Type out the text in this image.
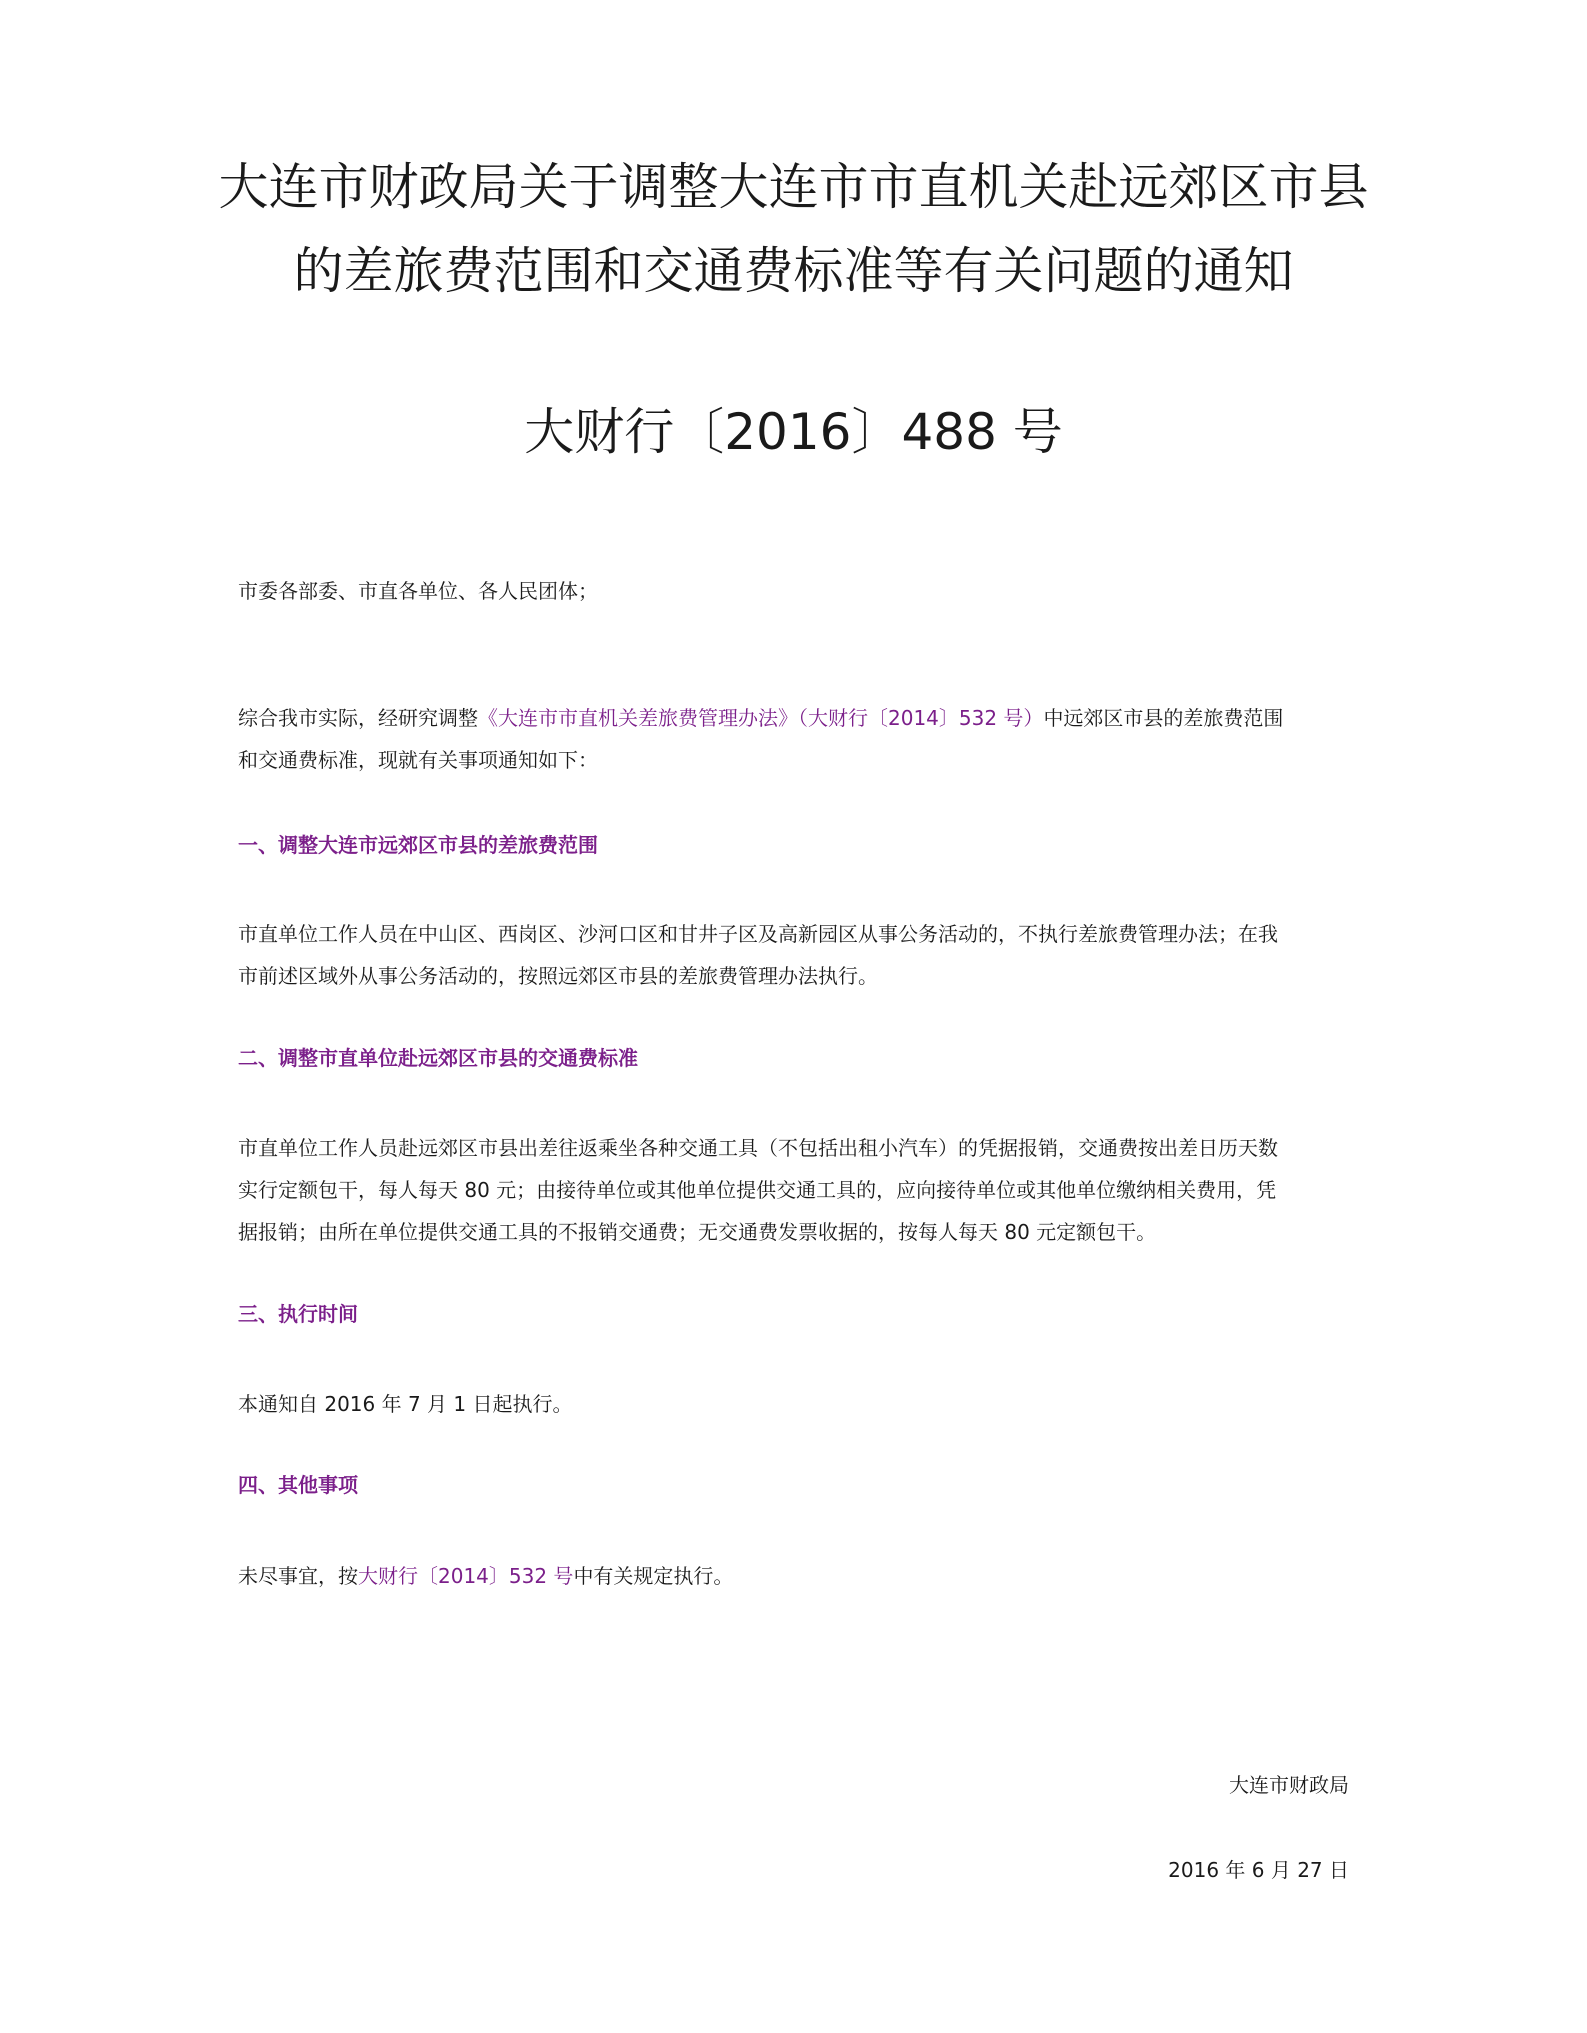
大连市财政局关于调整大连市市直机关赴远郊区市县
的差旅费范围和交通费标准等有关问题的通知
大财行〔2016〕488 号

市委各部委、市直各单位、各人民团体；

综合我市实际，经研究调整《大连市市直机关差旅费管理办法》（大财行〔2014〕532 号）中远郊区市县的差旅费范围
和交通费标准，现就有关事项通知如下：

一、调整大连市远郊区市县的差旅费范围

市直单位工作人员在中山区、西岗区、沙河口区和甘井子区及高新园区从事公务活动的，不执行差旅费管理办法；在我
市前述区域外从事公务活动的，按照远郊区市县的差旅费管理办法执行。

二、调整市直单位赴远郊区市县的交通费标准

市直单位工作人员赴远郊区市县出差往返乘坐各种交通工具（不包括出租小汽车）的凭据报销，交通费按出差日历天数
实行定额包干，每人每天 80 元；由接待单位或其他单位提供交通工具的，应向接待单位或其他单位缴纳相关费用，凭
据报销；由所在单位提供交通工具的不报销交通费；无交通费发票收据的，按每人每天 80 元定额包干。

三、执行时间

本通知自 2016 年 7 月 1 日起执行。

四、其他事项

未尽事宜，按大财行〔2014〕532 号中有关规定执行。

大连市财政局
2016 年 6 月 27 日
